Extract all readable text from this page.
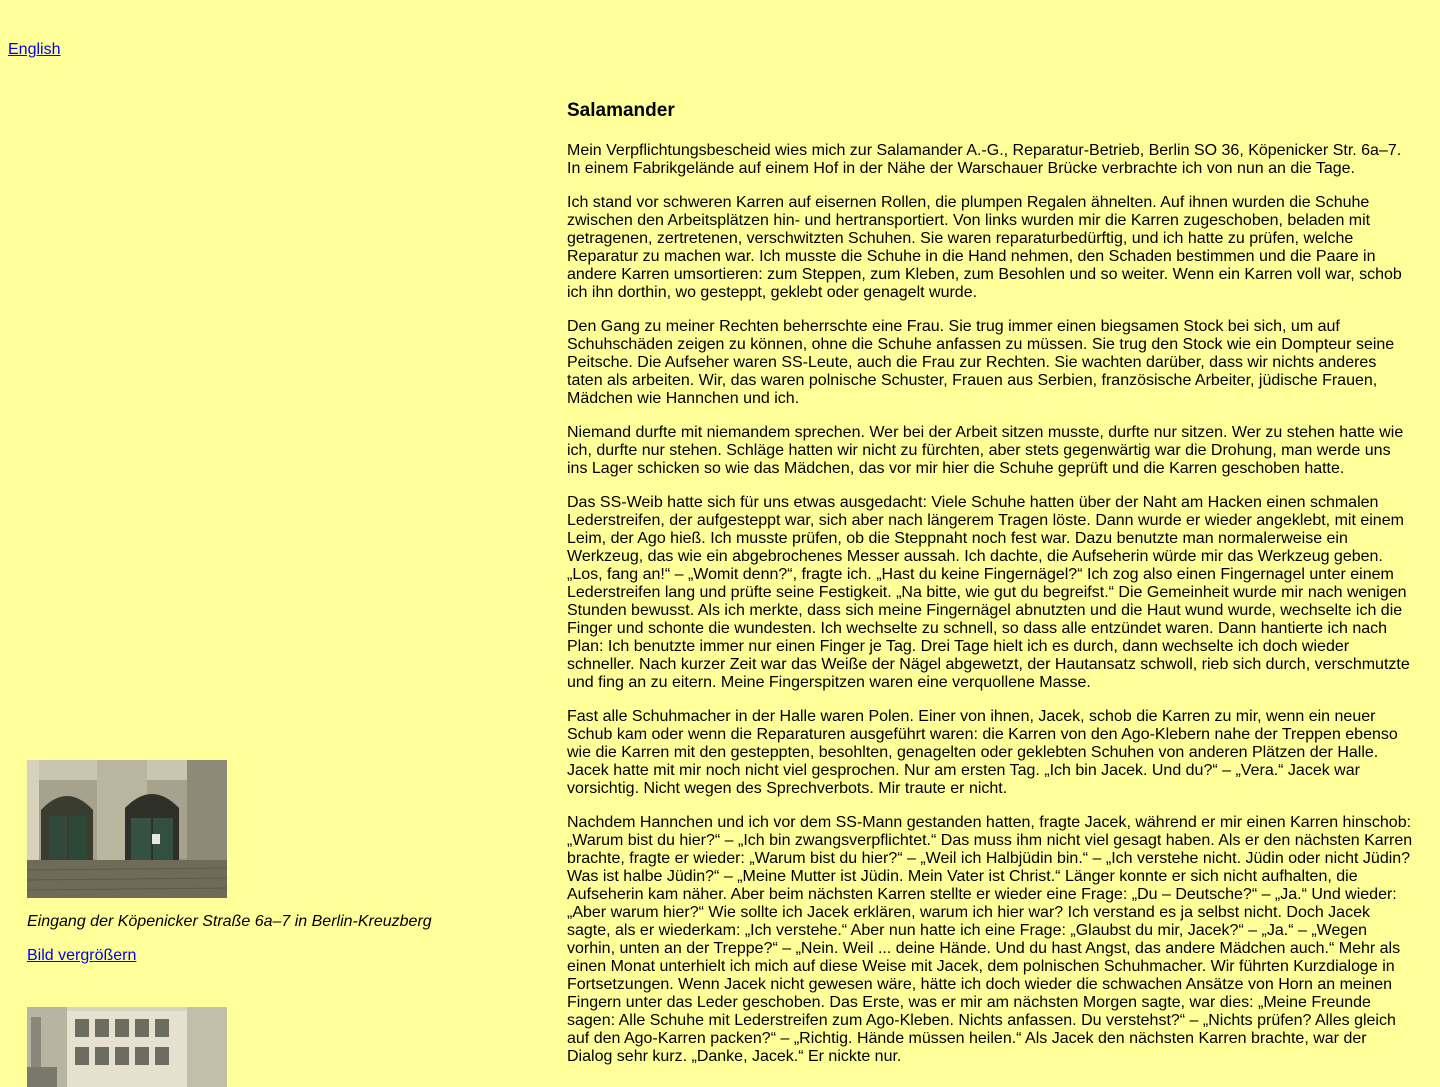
English

Eingang der Köpenicker Straße 6a–7 in Berlin-Kreuzberg

Bild vergrößern
Salamander

Mein Verpflichtungsbescheid wies mich zur Salamander A.-G., Reparatur-Betrieb, Berlin SO 36, Köpenicker Str. 6a–7. In einem Fabrikgelände auf einem Hof in der Nähe der Warschauer Brücke verbrachte ich von nun an die Tage.

Ich stand vor schweren Karren auf eisernen Rollen, die plumpen Regalen ähnelten. Auf ihnen wurden die Schuhe zwischen den Arbeitsplätzen hin- und hertransportiert. Von links wurden mir die Karren zugeschoben, beladen mit getragenen, zertretenen, verschwitzten Schuhen. Sie waren reparaturbedürftig, und ich hatte zu prüfen, welche Reparatur zu machen war. Ich musste die Schuhe in die Hand nehmen, den Schaden bestimmen und die Paare in andere Karren umsortieren: zum Steppen, zum Kleben, zum Besohlen und so weiter. Wenn ein Karren voll war, schob ich ihn dorthin, wo gesteppt, geklebt oder genagelt wurde.

Den Gang zu meiner Rechten beherrschte eine Frau. Sie trug immer einen biegsamen Stock bei sich, um auf Schuhschäden zeigen zu können, ohne die Schuhe anfassen zu müssen. Sie trug den Stock wie ein Dompteur seine Peitsche. Die Aufseher waren SS-Leute, auch die Frau zur Rechten. Sie wachten darüber, dass wir nichts anderes taten als arbeiten. Wir, das waren polnische Schuster, Frauen aus Serbien, französische Arbeiter, jüdische Frauen, Mädchen wie Hannchen und ich.

Niemand durfte mit niemandem sprechen. Wer bei der Arbeit sitzen musste, durfte nur sitzen. Wer zu stehen hatte wie ich, durfte nur stehen. Schläge hatten wir nicht zu fürchten, aber stets gegenwärtig war die Drohung, man werde uns ins Lager schicken so wie das Mädchen, das vor mir hier die Schuhe geprüft und die Karren geschoben hatte.

Das SS-Weib hatte sich für uns etwas ausgedacht: Viele Schuhe hatten über der Naht am Hacken einen schmalen Lederstreifen, der aufgesteppt war, sich aber nach längerem Tragen löste. Dann wurde er wieder angeklebt, mit einem Leim, der Ago hieß. Ich musste prüfen, ob die Steppnaht noch fest war. Dazu benutzte man normalerweise ein Werkzeug, das wie ein abgebrochenes Messer aussah. Ich dachte, die Aufseherin würde mir das Werkzeug geben. „Los, fang an!“ – „Womit denn?“, fragte ich. „Hast du keine Fingernägel?“ Ich zog also einen Fingernagel unter einem Lederstreifen lang und prüfte seine Festigkeit. „Na bitte, wie gut du begreifst.“ Die Gemeinheit wurde mir nach wenigen Stunden bewusst. Als ich merkte, dass sich meine Fingernägel abnutzten und die Haut wund wurde, wechselte ich die Finger und schonte die wundesten. Ich wechselte zu schnell, so dass alle entzündet waren. Dann hantierte ich nach Plan: Ich benutzte immer nur einen Finger je Tag. Drei Tage hielt ich es durch, dann wechselte ich doch wieder schneller. Nach kurzer Zeit war das Weiße der Nägel abgewetzt, der Hautansatz schwoll, rieb sich durch, verschmutzte und fing an zu eitern. Meine Fingerspitzen waren eine verquollene Masse.

Fast alle Schuhmacher in der Halle waren Polen. Einer von ihnen, Jacek, schob die Karren zu mir, wenn ein neuer Schub kam oder wenn die Reparaturen ausgeführt waren: die Karren von den Ago-Klebern nahe der Treppen ebenso wie die Karren mit den gesteppten, besohlten, genagelten oder geklebten Schuhen von anderen Plätzen der Halle. Jacek hatte mit mir noch nicht viel gesprochen. Nur am ersten Tag. „Ich bin Jacek. Und du?“ – „Vera.“ Jacek war vorsichtig. Nicht wegen des Sprechverbots. Mir traute er nicht.

Nachdem Hannchen und ich vor dem SS-Mann gestanden hatten, fragte Jacek, während er mir einen Karren hinschob: „Warum bist du hier?“ – „Ich bin zwangsverpflichtet.“ Das muss ihm nicht viel gesagt haben. Als er den nächsten Karren brachte, fragte er wieder: „Warum bist du hier?“ – „Weil ich Halbjüdin bin.“ – „Ich verstehe nicht. Jüdin oder nicht Jüdin? Was ist halbe Jüdin?“ – „Meine Mutter ist Jüdin. Mein Vater ist Christ.“ Länger konnte er sich nicht aufhalten, die Aufseherin kam näher. Aber beim nächsten Karren stellte er wieder eine Frage: „Du – Deutsche?“ – „Ja.“ Und wieder: „Aber warum hier?“ Wie sollte ich Jacek erklären, warum ich hier war? Ich verstand es ja selbst nicht. Doch Jacek sagte, als er wiederkam: „Ich verstehe.“ Aber nun hatte ich eine Frage: „Glaubst du mir, Jacek?“ – „Ja.“ – „Wegen vorhin, unten an der Treppe?“ – „Nein. Weil ... deine Hände. Und du hast Angst, das andere Mädchen auch.“ Mehr als einen Monat unterhielt ich mich auf diese Weise mit Jacek, dem polnischen Schuhmacher. Wir führten Kurzdialoge in Fortsetzungen. Wenn Jacek nicht gewesen wäre, hätte ich doch wieder die schwachen Ansätze von Horn an meinen Fingern unter das Leder geschoben. Das Erste, was er mir am nächsten Morgen sagte, war dies: „Meine Freunde sagen: Alle Schuhe mit Lederstreifen zum Ago-Kleben. Nichts anfassen. Du verstehst?“ – „Nichts prüfen? Alles gleich auf den Ago-Karren packen?“ – „Richtig. Hände müssen heilen.“ Als Jacek den nächsten Karren brachte, war der Dialog sehr kurz. „Danke, Jacek.“ Er nickte nur.
